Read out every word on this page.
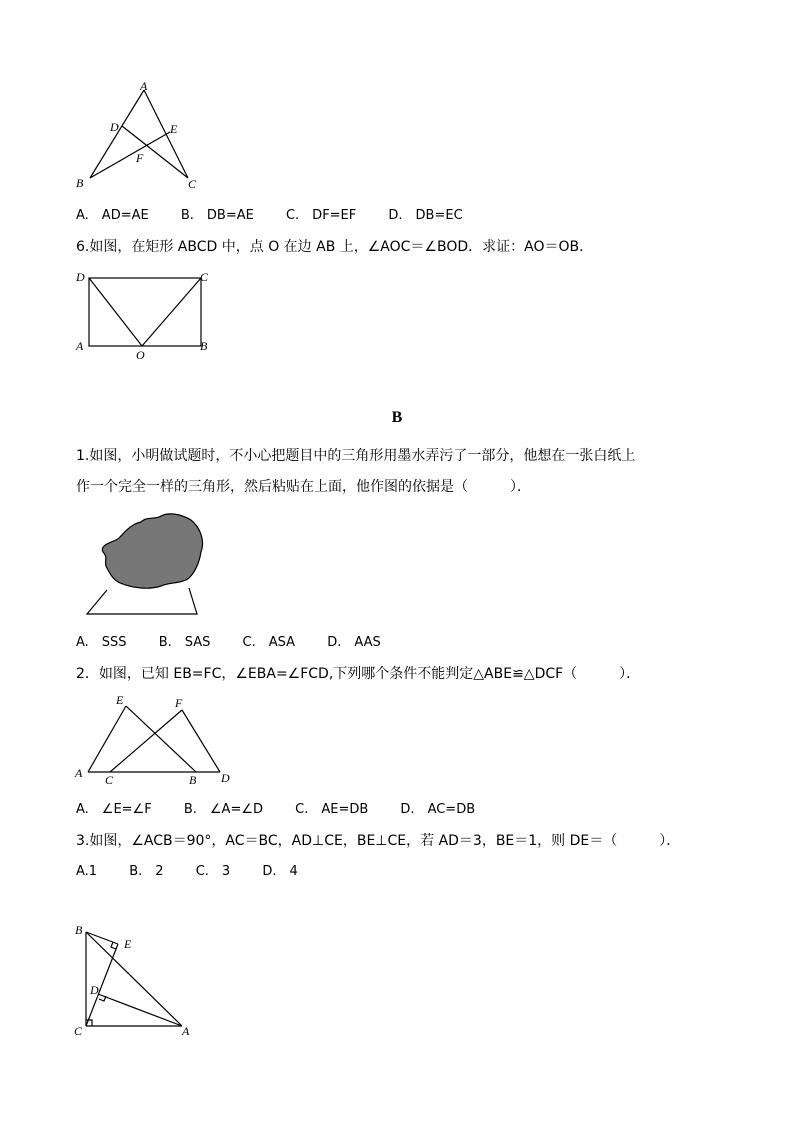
A
D	E
F
B	C
A.　AD=AE B.　DB=AE C.　DF=EF D.　DB=EC
6.如图，在矩形 ABCD 中，点 O 在边 AB 上，∠AOC＝∠BOD．求证：AO＝OB．
D	C
A	B
O
B
1.如图，小明做试题时，不小心把题目中的三角形用墨水弄污了一部分，他想在一张白纸上
作一个完全一样的三角形，然后粘贴在上面，他作图的依据是（　　　）．
A.　SSS B.　SAS C.　ASA D.　AAS
2．如图，已知 EB=FC，∠EBA=∠FCD,下列哪个条件不能判定△ABE≌△DCF（　　　）．
E	F
A C	B D
A.　∠E=∠F B.　∠A=∠D C.　AE=DB D.　AC=DB
3.如图，∠ACB＝90°，AC＝BC，AD⊥CE，BE⊥CE，若 AD＝3，BE＝1，则 DE＝（　　　）．
A.1 B.　2 C.　3 D.　4
B
E
D
C	A
